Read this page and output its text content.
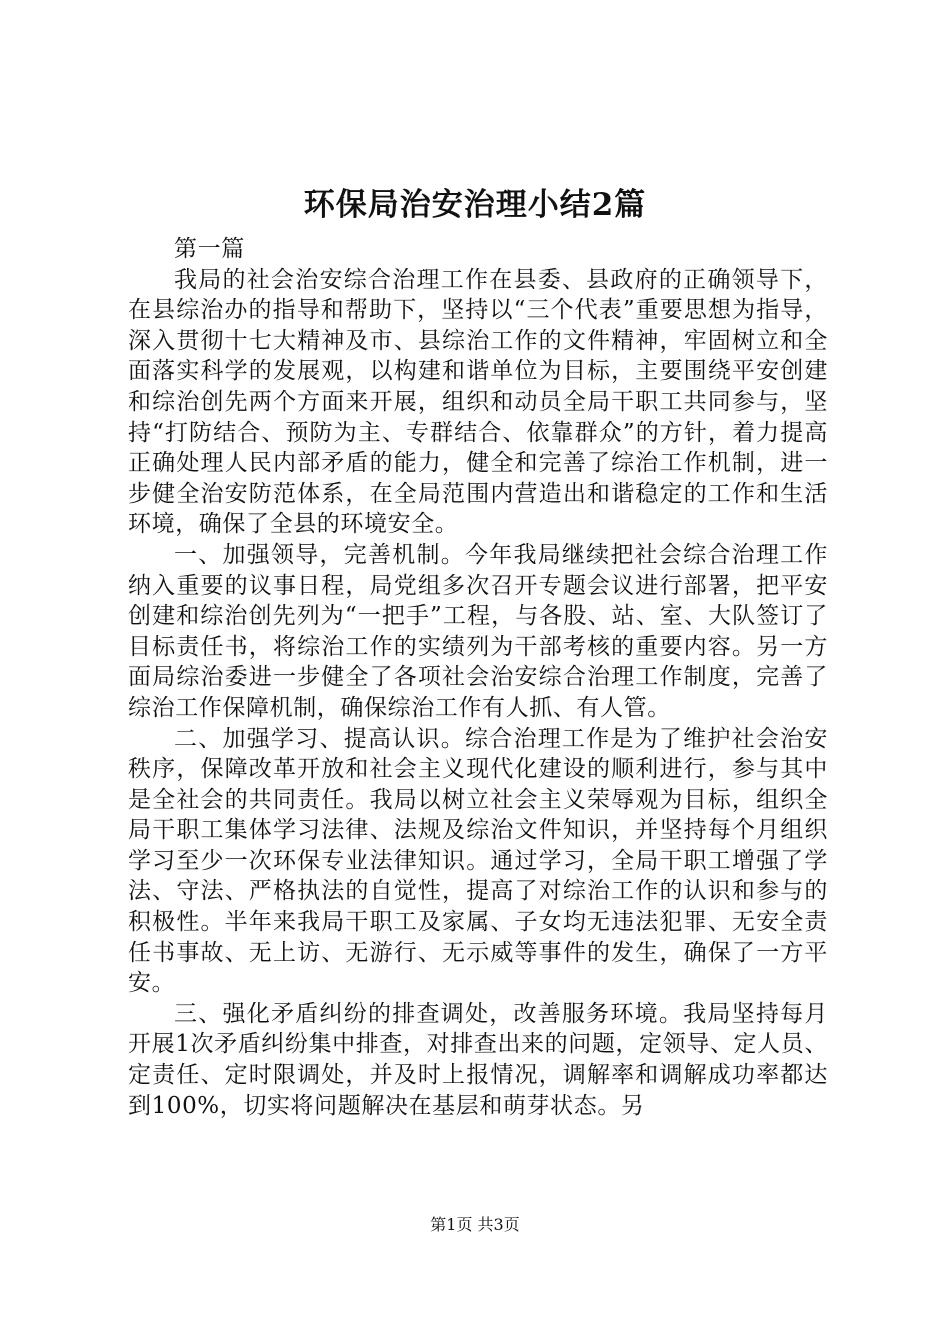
环保局治安治理小结2篇

第一篇

我局的社会治安综合治理工作在县委、县政府的正确领导下，在县综治办的指导和帮助下，坚持以“三个代表”重要思想为指导，深入贯彻十七大精神及市、县综治工作的文件精神，牢固树立和全面落实科学的发展观，以构建和谐单位为目标，主要围绕平安创建和综治创先两个方面来开展，组织和动员全局干职工共同参与，坚持“打防结合、预防为主、专群结合、依靠群众”的方针，着力提高正确处理人民内部矛盾的能力，健全和完善了综治工作机制，进一步健全治安防范体系，在全局范围内营造出和谐稳定的工作和生活环境，确保了全县的环境安全。

一、加强领导，完善机制。今年我局继续把社会综合治理工作纳入重要的议事日程，局党组多次召开专题会议进行部署，把平安创建和综治创先列为“一把手”工程，与各股、站、室、大队签订了目标责任书，将综治工作的实绩列为干部考核的重要内容。另一方面局综治委进一步健全了各项社会治安综合治理工作制度，完善了综治工作保障机制，确保综治工作有人抓、有人管。

二、加强学习、提高认识。综合治理工作是为了维护社会治安秩序，保障改革开放和社会主义现代化建设的顺利进行，参与其中是全社会的共同责任。我局以树立社会主义荣辱观为目标，组织全局干职工集体学习法律、法规及综治文件知识，并坚持每个月组织学习至少一次环保专业法律知识。通过学习，全局干职工增强了学法、守法、严格执法的自觉性，提高了对综治工作的认识和参与的积极性。半年来我局干职工及家属、子女均无违法犯罪、无安全责任书事故、无上访、无游行、无示威等事件的发生，确保了一方平安。

三、强化矛盾纠纷的排查调处，改善服务环境。我局坚持每月开展1次矛盾纠纷集中排查，对排查出来的问题，定领导、定人员、定责任、定时限调处，并及时上报情况，调解率和调解成功率都达到100%，切实将问题解决在基层和萌芽状态。另

第1页 共3页
